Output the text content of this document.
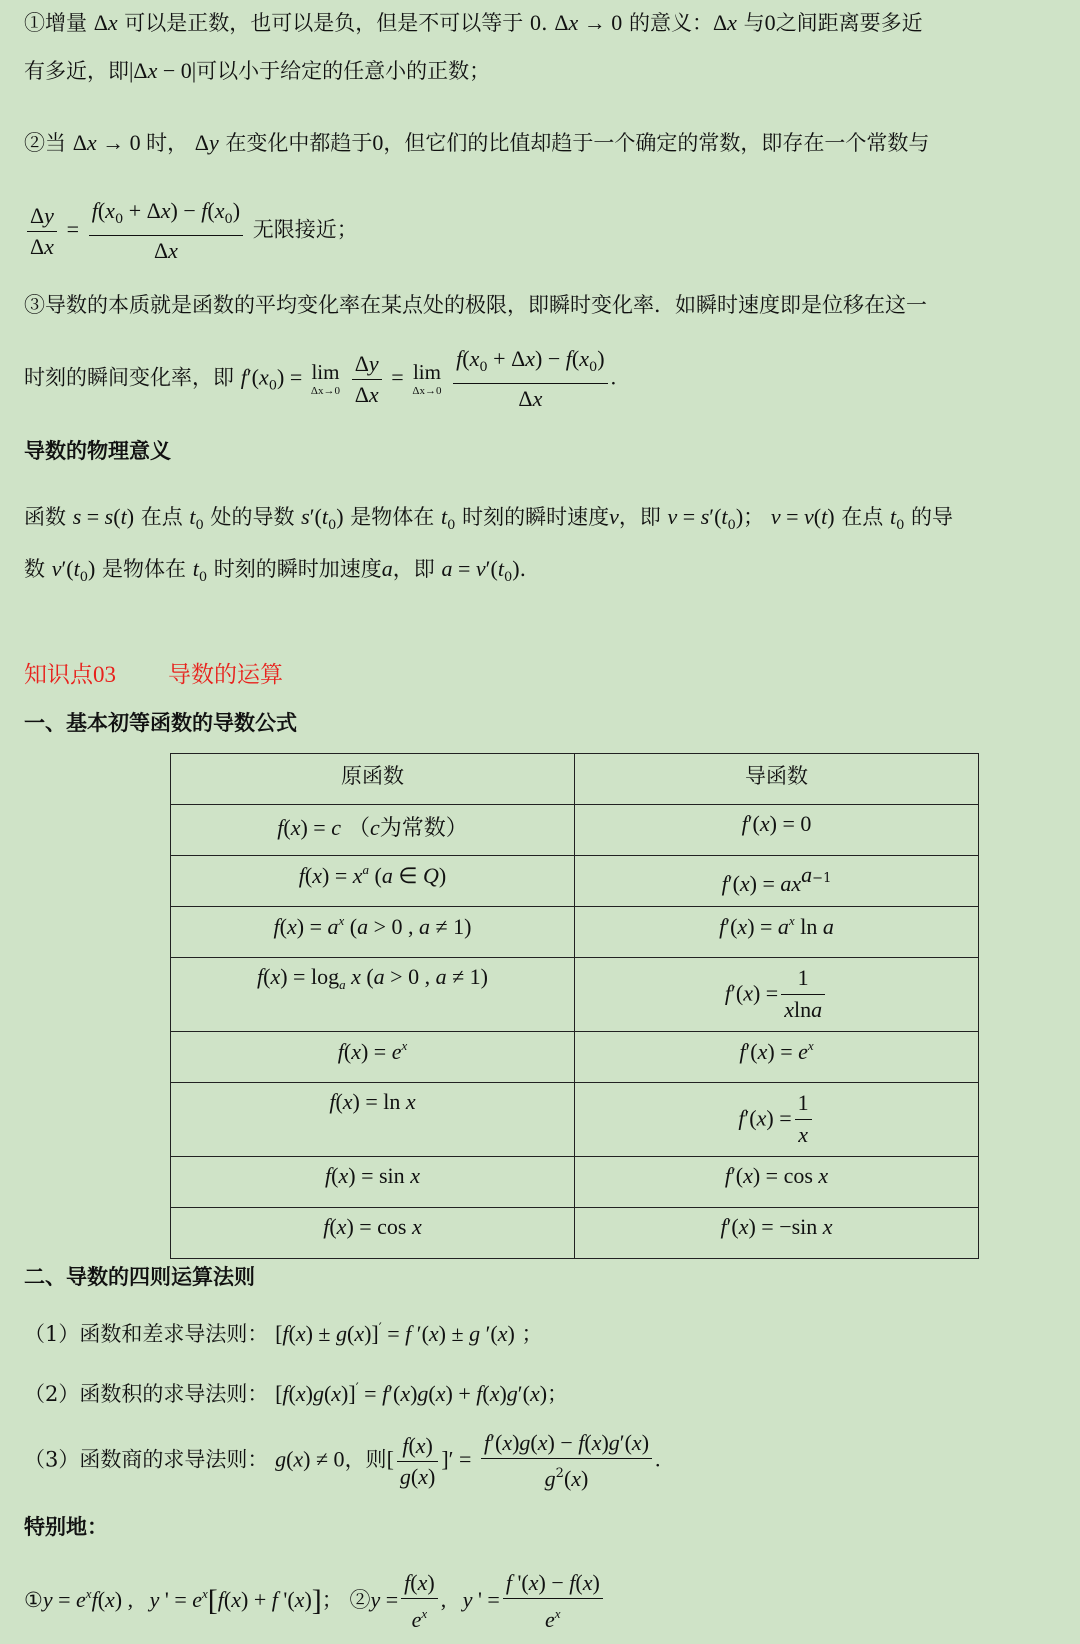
①增量 Δx 可以是正数，也可以是负，但是不可以等于 0. Δx → 0 的意义：Δx 与0之间距离要多近
有多近，即|Δx − 0|可以小于给定的任意小的正数；
②当 Δx → 0 时， Δy 在变化中都趋于0，但它们的比值却趋于一个确定的常数，即存在一个常数与
$\frac{\Delta y}{\Delta x} = \frac{f(x_0 + \Delta x) - f(x_0)}{\Delta x}$ 无限接近；
③导数的本质就是函数的平均变化率在某点处的极限，即瞬时变化率．如瞬时速度即是位移在这一
时刻的瞬间变化率，即 $f'(x_0) = \lim$
Δx→0
$\frac{\Delta y}{\Delta x} = \lim$
Δx→0
$\frac{f(x_0 + \Delta x) - f(x_0)}{\Delta x}$ .
导数的物理意义
函数 s = s(t) 在点 $t_0$ 处的导数 $s'(t_0)$ 是物体在 $t_0$ 时刻的瞬时速度v，即 $v = s'(t_0)$； v = v(t) 在点 $t_0$ 的导
数 $v'(t_0)$ 是物体在 $t_0$ 时刻的瞬时加速度a，即 $a = v'(t_0)$.
知识点03 导数的运算
一、基本初等函数的导数公式
原函数	导函数
f(x) = c （c为常数）	f′(x) = 0
$f(x) = x^a$ (a ∈ Q)	$f'(x) = ax^{a-1}$
$f(x) = a^x$ (a > 0 , a ≠ 1)	$f'(x) = a^x$ ln a
$f(x) = \log_a x$ (a > 0 , a ≠ 1)	$f'(x) = \frac{1}{xlna}$

$f(x) = e^x$	$f'(x) = e^x$
f(x) = ln x	$f'(x) = \frac{1}{x}$

f(x) = sin x	f′(x) = cos x
f(x) = cos x	f′(x) = −sin x
二、导数的四则运算法则
（1）函数和差求导法则： [f(x) ± g(x)]′ = f ′(x) ± g ′(x) ；
（2）函数积的求导法则： [f(x)g(x)]′ = f′(x)g(x) + f(x)g′(x)；
（3）函数商的求导法则： g(x) ≠ 0，则[ $\frac{f(x)}{g(x)}$ ]′ = $\frac{f'(x)g(x) - f(x)g'(x)}{g^2(x)}$ .
特别地：
①y = $e^xf(x)$ ,   y ' = $e^x[f(x) + f$ '(x)]； ②y = $\frac{f(x)}{e^x}$ ,   y ' = $\frac{f '(x) - f(x)}{e^x}$
